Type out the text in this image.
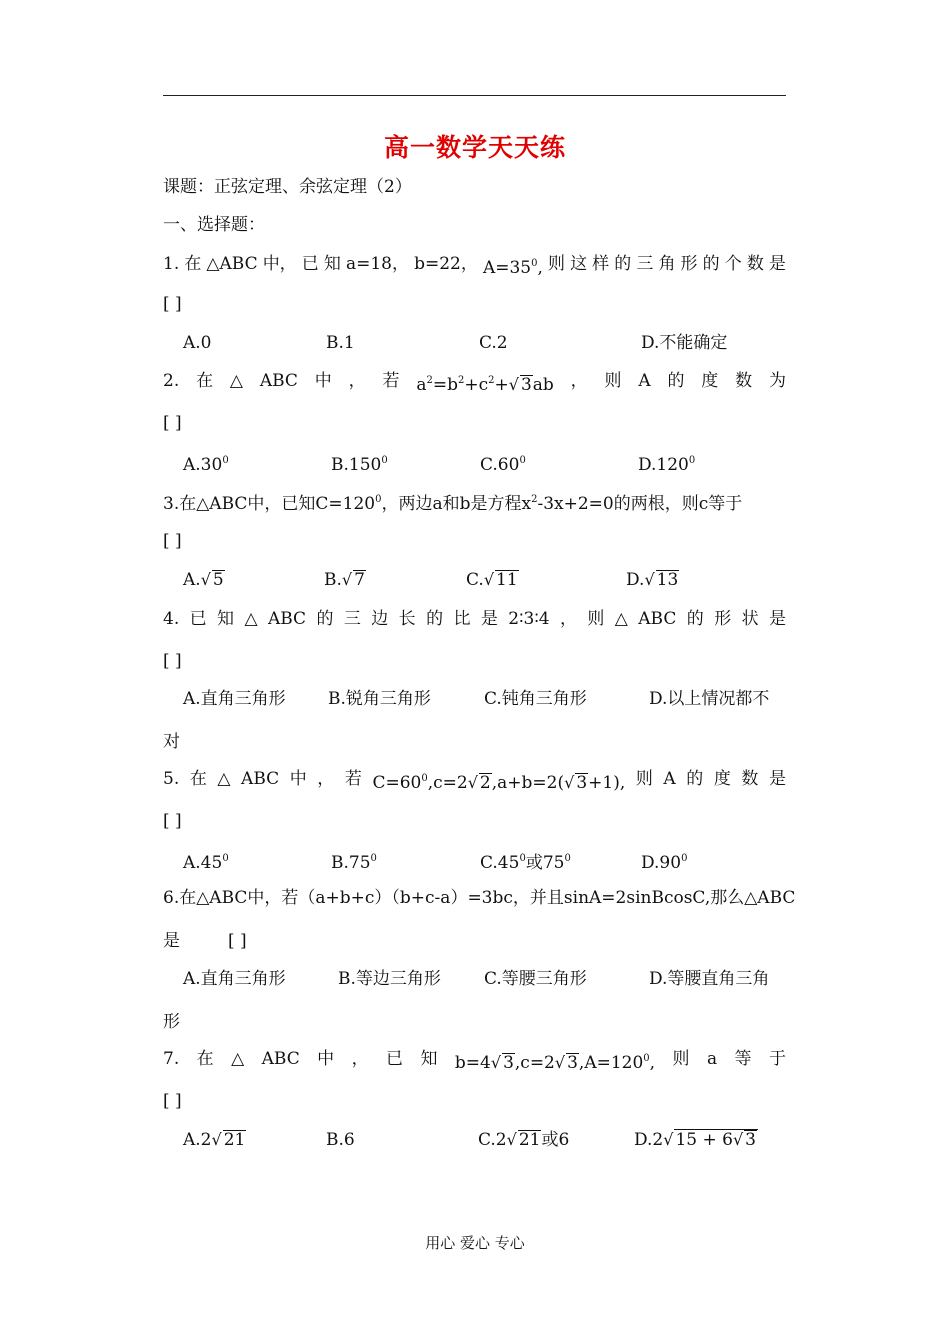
高一数学天天练
课题：正弦定理、余弦定理（2）
一、选择题：
1. 在 △ABC 中， 已 知 a=18， b=22， $A=35^0$, 则 这 样 的 三 角 形 的 个 数 是
[ ]
A.0	B.1	C.2	D.不能确定
2. 在 △ ABC 中 ， 若 $a^2=b^2+c^2+√$ 3ab ， 则 A 的 度 数 为
[ ]
$A.30^0$	B.150$^0$	$C.60^0$	D.120$^0$
3.在△ABC中，已知$C=120^0$，两边a和b是方程$x^2-3x+2=0$的两根，则c等于
[ ]
A.√ 5	B.√ 7	C.√ 11	D.√ 13
4. 已 知 △ ABC 的 三 边 长 的 比 是 2∶3∶4 ， 则 △ ABC 的 形 状 是
[ ]
A.直角三角形 B.锐角三角形	C.钝角三角形	D.以上情况都不
对
5. 在 △ ABC 中 ， 若 $C=60^0,c=2√$ 2,a+b=2(√ 3+1), 则 A 的 度 数 是
[ ]
$A.45^0$	$B.75^0$	$C.45^0$或$75^0$	$D.90^0$
6.在△ABC中，若（a+b+c）（b+c-a）=3bc，并且sinA=2sinBcosC,那么△ABC
是	[ ]
A.直角三角形	B.等边三角形	C.等腰三角形	D.等腰直角三角
形
7. 在 △ ABC 中 ， 已 知 b=4√ 3,c=2√ $3,A=120^0$, 则 a 等 于
[ ]
A.2√ 21	B.6	C.2√ 21或6	D.2√ 15 + 6√ 3
用心 爱心 专心
